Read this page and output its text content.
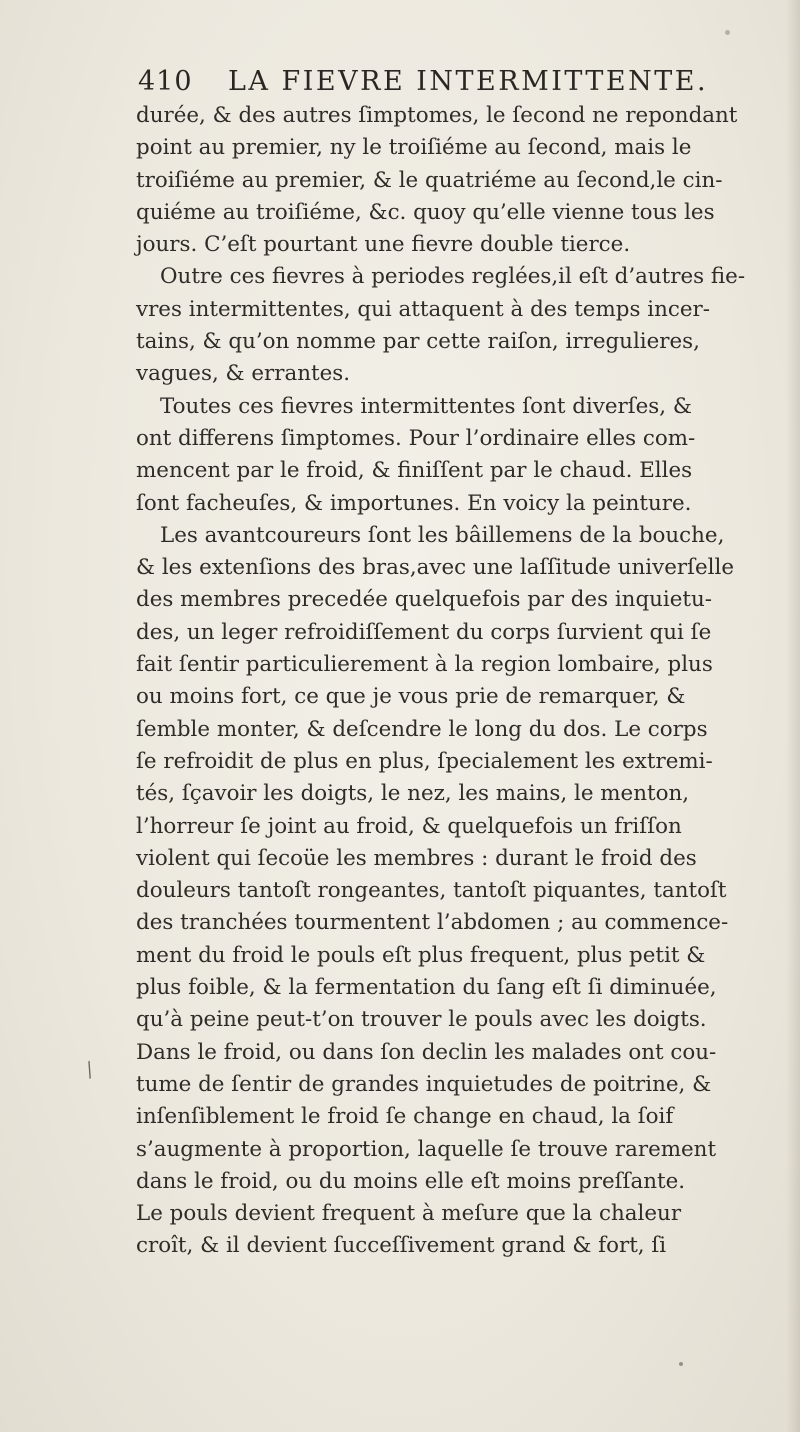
410 LA FIEVRE INTERMITTENTE.
durée, & des autres ſimptomes, le ſecond ne repondant
point au premier, ny le troiſiéme au ſecond, mais le
troiſiéme au premier, & le quatriéme au ſecond,le cin-
quiéme au troiſiéme, &c. quoy qu’elle vienne tous les
jours. C’eſt pourtant une fievre double tierce.
Outre ces fievres à periodes reglées,il eſt d’autres fie-
vres intermittentes, qui attaquent à des temps incer-
tains, & qu’on nomme par cette raiſon, irregulieres,
vagues, & errantes.
Toutes ces fievres intermittentes ſont diverſes, &
ont differens ſimptomes. Pour l’ordinaire elles com-
mencent par le froid, & finiſſent par le chaud. Elles
ſont facheuſes, & importunes. En voicy la peinture.
Les avantcoureurs ſont les bâillemens de la bouche,
& les extenſions des bras,avec une laſſitude univerſelle
des membres precedée quelquefois par des inquietu-
des, un leger refroidiſſement du corps ſurvient qui ſe
fait ſentir particulierement à la region lombaire, plus
ou moins fort, ce que je vous prie de remarquer, &
ſemble monter, & deſcendre le long du dos. Le corps
ſe refroidit de plus en plus, ſpecialement les extremi-
tés, ſçavoir les doigts, le nez, les mains, le menton,
l’horreur ſe joint au froid, & quelquefois un friſſon
violent qui ſecoüe les membres : durant le froid des
douleurs tantoſt rongeantes, tantoſt piquantes, tantoſt
des tranchées tourmentent l’abdomen ; au commence-
ment du froid le pouls eſt plus frequent, plus petit &
plus foible, & la fermentation du ſang eſt ſi diminuée,
qu’à peine peut-t’on trouver le pouls avec les doigts.
Dans le froid, ou dans ſon declin les malades ont cou-
tume de ſentir de grandes inquietudes de poitrine, &
inſenſiblement le froid ſe change en chaud, la ſoif
s’augmente à proportion, laquelle ſe trouve rarement
dans le froid, ou du moins elle eſt moins preſſante.
Le pouls devient frequent à meſure que la chaleur
croît, & il devient ſucceſſivement grand & fort, ſi
⁄
